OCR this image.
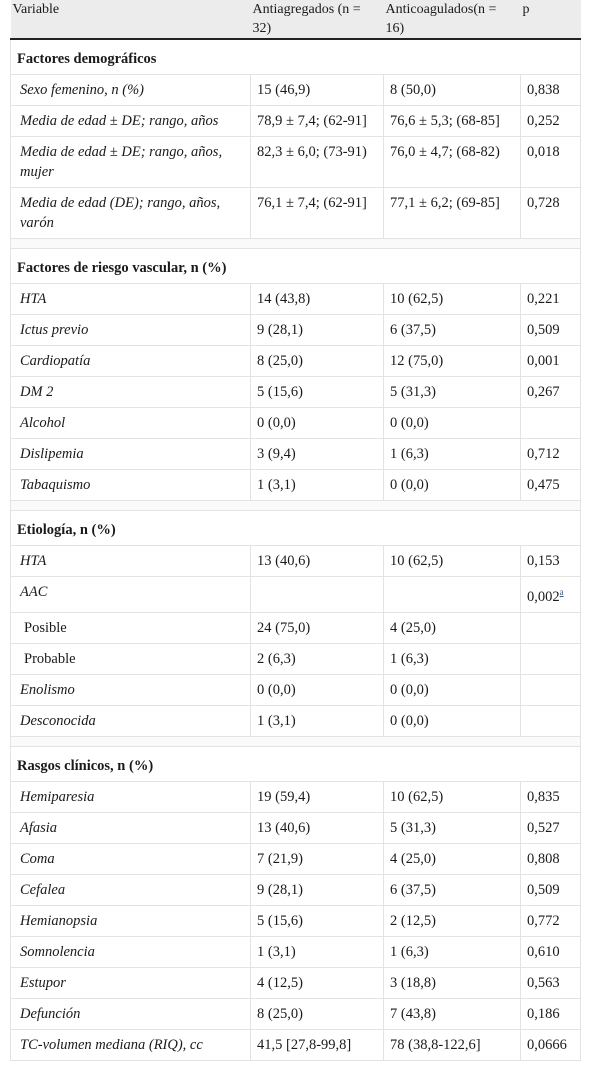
Variable	Antiagregados (n = 32)	Anticoagulados(n = 16)	p
Factores demográficos			
Sexo femenino, n (%)	15 (46,9)	8 (50,0)	0,838
Media de edad ± DE; rango, años	78,9 ± 7,4; (62-91]	76,6 ± 5,3; (68-85]	0,252
Media de edad ± DE; rango, años, mujer	82,3 ± 6,0; (73-91)	76,0 ± 4,7; (68-82)	0,018
Media de edad (DE); rango, años, varón	76,1 ± 7,4; (62-91]	77,1 ± 6,2; (69-85]	0,728

Factores de riesgo vascular, n (%)			
HTA	14 (43,8)	10 (62,5)	0,221
Ictus previo	9 (28,1)	6 (37,5)	0,509
Cardiopatía	8 (25,0)	12 (75,0)	0,001
DM 2	5 (15,6)	5 (31,3)	0,267
Alcohol	0 (0,0)	0 (0,0)	
Dislipemia	3 (9,4)	1 (6,3)	0,712
Tabaquismo	1 (3,1)	0 (0,0)	0,475

Etiología, n (%)			
HTA	13 (40,6)	10 (62,5)	0,153
AAC			0,002$^a$
Posible	24 (75,0)	4 (25,0)	
Probable	2 (6,3)	1 (6,3)	
Enolismo	0 (0,0)	0 (0,0)	
Desconocida	1 (3,1)	0 (0,0)	

Rasgos clínicos, n (%)			
Hemiparesia	19 (59,4)	10 (62,5)	0,835
Afasia	13 (40,6)	5 (31,3)	0,527
Coma	7 (21,9)	4 (25,0)	0,808
Cefalea	9 (28,1)	6 (37,5)	0,509
Hemianopsia	5 (15,6)	2 (12,5)	0,772
Somnolencia	1 (3,1)	1 (6,3)	0,610
Estupor	4 (12,5)	3 (18,8)	0,563
Defunción	8 (25,0)	7 (43,8)	0,186
TC-volumen mediana (RIQ), cc	41,5 [27,8-99,8]	78 (38,8-122,6]	0,0666
